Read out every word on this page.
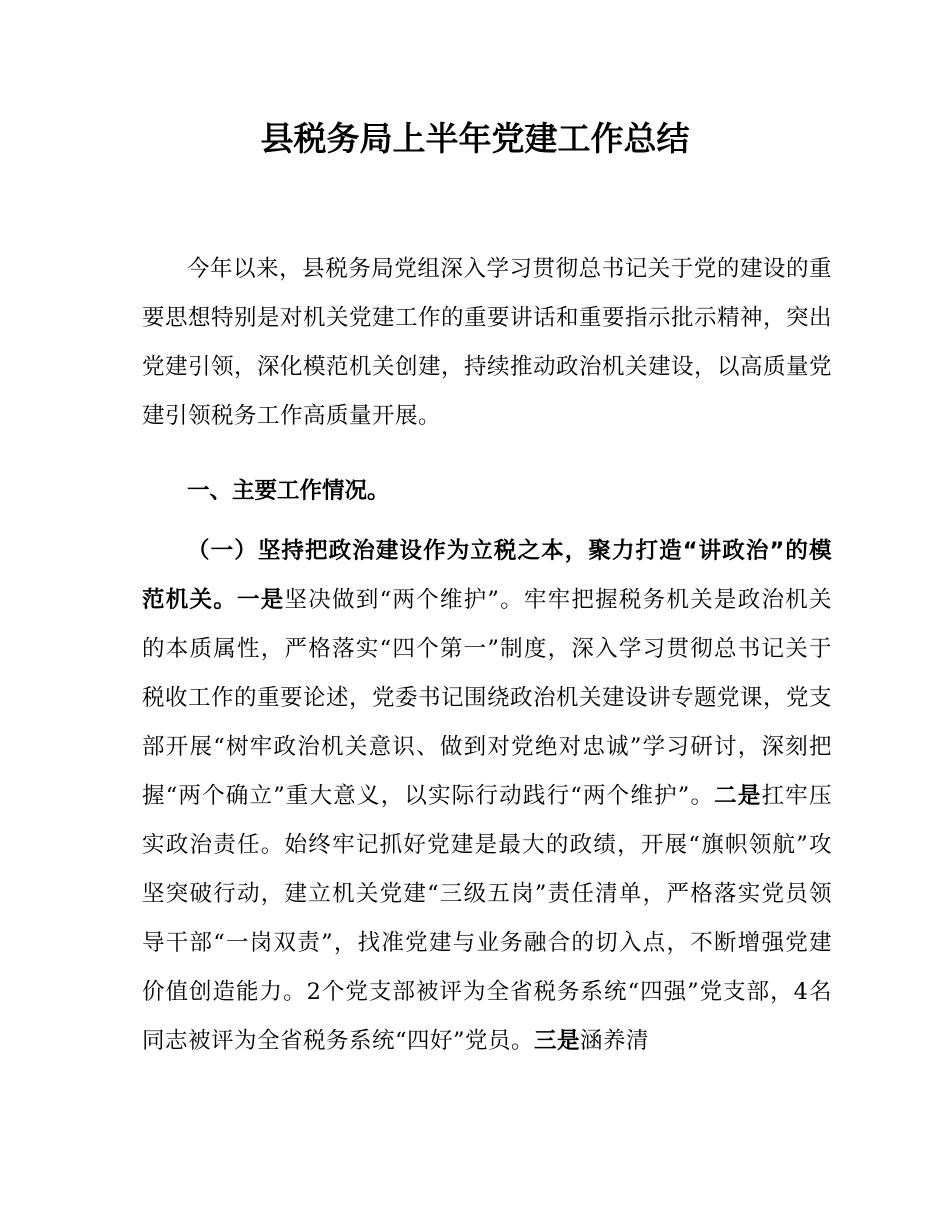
县税务局上半年党建工作总结

今年以来，县税务局党组深入学习贯彻总书记关于党的建设的重要思想特别是对机关党建工作的重要讲话和重要指示批示精神，突出党建引领，深化模范机关创建，持续推动政治机关建设，以高质量党建引领税务工作高质量开展。

一、主要工作情况。

（一）坚持把政治建设作为立税之本，聚力打造“讲政治”的模范机关。一是坚决做到“两个维护”。牢牢把握税务机关是政治机关的本质属性，严格落实“四个第一”制度，深入学习贯彻总书记关于税收工作的重要论述，党委书记围绕政治机关建设讲专题党课，党支部开展“树牢政治机关意识、做到对党绝对忠诚”学习研讨，深刻把握“两个确立”重大意义，以实际行动践行“两个维护”。二是扛牢压实政治责任。始终牢记抓好党建是最大的政绩，开展“旗帜领航”攻坚突破行动，建立机关党建“三级五岗”责任清单，严格落实党员领导干部“一岗双责”，找准党建与业务融合的切入点，不断增强党建价值创造能力。2个党支部被评为全省税务系统“四强”党支部，4名同志被评为全省税务系统“四好”党员。三是涵养清
